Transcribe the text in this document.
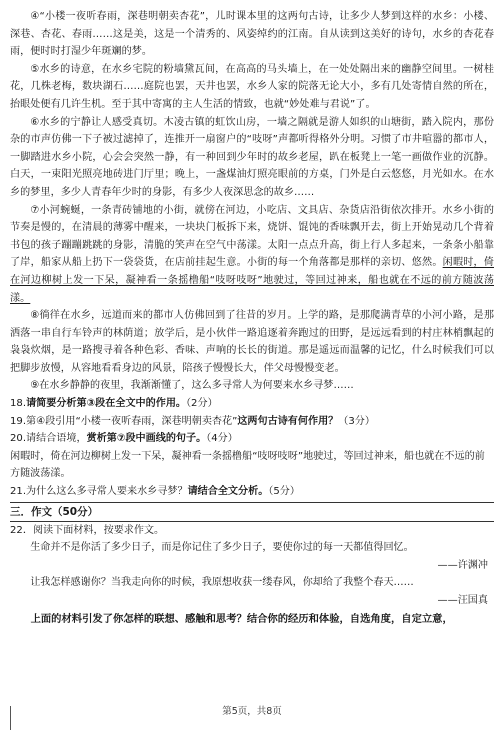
④“小楼一夜听春雨，深巷明朝卖杏花”，儿时课本里的这两句古诗，让多少人梦到这样的水乡：小楼、深巷、杏花、春雨……这是美，这是一个清秀的、风姿绰约的江南。自从读到这美好的诗句，水乡的杏花春雨，便时时打湿少年斑斓的梦。

⑤水乡的诗意，在水乡宅院的粉墙黛瓦间，在高高的马头墙上，在一处处隔出来的幽静空间里。一树桂花，几株老梅，数块湖石……庭院也罢，天井也罢，水乡人家的院落无论大小，多有几处寄情自然的所在，抬眼处便有几许生机。至于其中寄寓的主人生活的情致，也就“妙处难与君说”了。

⑥水乡的宁静让人感受真切。木凌古镇的虹饮山房，一墙之隔就是游人如织的山塘街，踏入院内，那份杂的市声仿佛一下子被过滤掉了，连推开一扇窗户的“吱呀”声都听得格外分明。习惯了市井喧嚣的都市人，一脚踏进水乡小院，心会会突然一静，有一种回到少年时的故乡老屋，趴在板凳上一笔一画做作业的沉静。白天，一束阳光照亮地砖进门厅里；晚上，一盏煤油灯照亮眼前的方桌，门外是白云悠悠，月光如水。在水乡的梦里，多少人青春年少时的身影，有多少人夜深思念的故乡……

⑦小河蜿蜒，一条青砖铺地的小街，就傍在河边，小吃店、文具店、杂货店沿街依次排开。水乡小街的节奏是慢的，在清晨的薄雾中醒来，一块块门板拆下来，烧饼、馄饨的香味飘开去，街上开始晃动几个背着书包的孩子蹦蹦跳跳的身影，清脆的笑声在空气中荡漾。太阳一点点升高，街上行人多起来，一条条小船靠了岸，船家从船上扔下一袋袋货，在店前挂起生意。小街的每一个角落都是那样的亲切、悠然。闲暇时，倚在河边柳树上发一下呆，凝神看一条摇橹船“吱呀吱呀”地驶过，等回过神来，船也就在不远的前方随波荡漾。

⑧徜徉在水乡，远道而来的都市人仿佛回到了往昔的岁月。上学的路，是那爬满青草的小河小路，是那洒落一串自行车铃声的林荫道；放学后，是小伙伴一路追逐着奔跑过的田野，是远远看到的村庄林梢飘起的袅袅炊烟，是一路搜寻着各种色彩、香味、声响的长长的街道。那是遥远而温馨的记忆，什么时候我们可以把脚步放慢，从容地看看身边的风景，陪孩子慢慢长大，伴父母慢慢变老。

⑨在水乡静静的夜里，我渐渐懂了，这么多寻常人为何要来水乡寻梦……

18.请简要分析第③段在全文中的作用。（2分）

19.第④段引用“小楼一夜听春雨，深巷明朝卖杏花”这两句古诗有何作用？（3分）

20.请结合语境，赏析第⑦段中画线的句子。（4分）

闲暇时，倚在河边柳树上发一下呆，凝神看一条摇橹船“吱呀吱呀”地驶过，等回过神来，船也就在不远的前方随波荡漾。

21.为什么这么多寻常人要来水乡寻梦？请结合全文分析。（5分）

三．作文（50分）

22．阅读下面材料，按要求作文。

生命并不是你活了多少日子，而是你记住了多少日子，要使你过的每一天都值得回忆。

——许渊冲

让我怎样感谢你？当我走向你的时候，我原想收获一缕春风，你却给了我整个春天……

——汪国真

上面的材料引发了你怎样的联想、感触和思考？结合你的经历和体验，自选角度，自定立意，

第5页，共8页
